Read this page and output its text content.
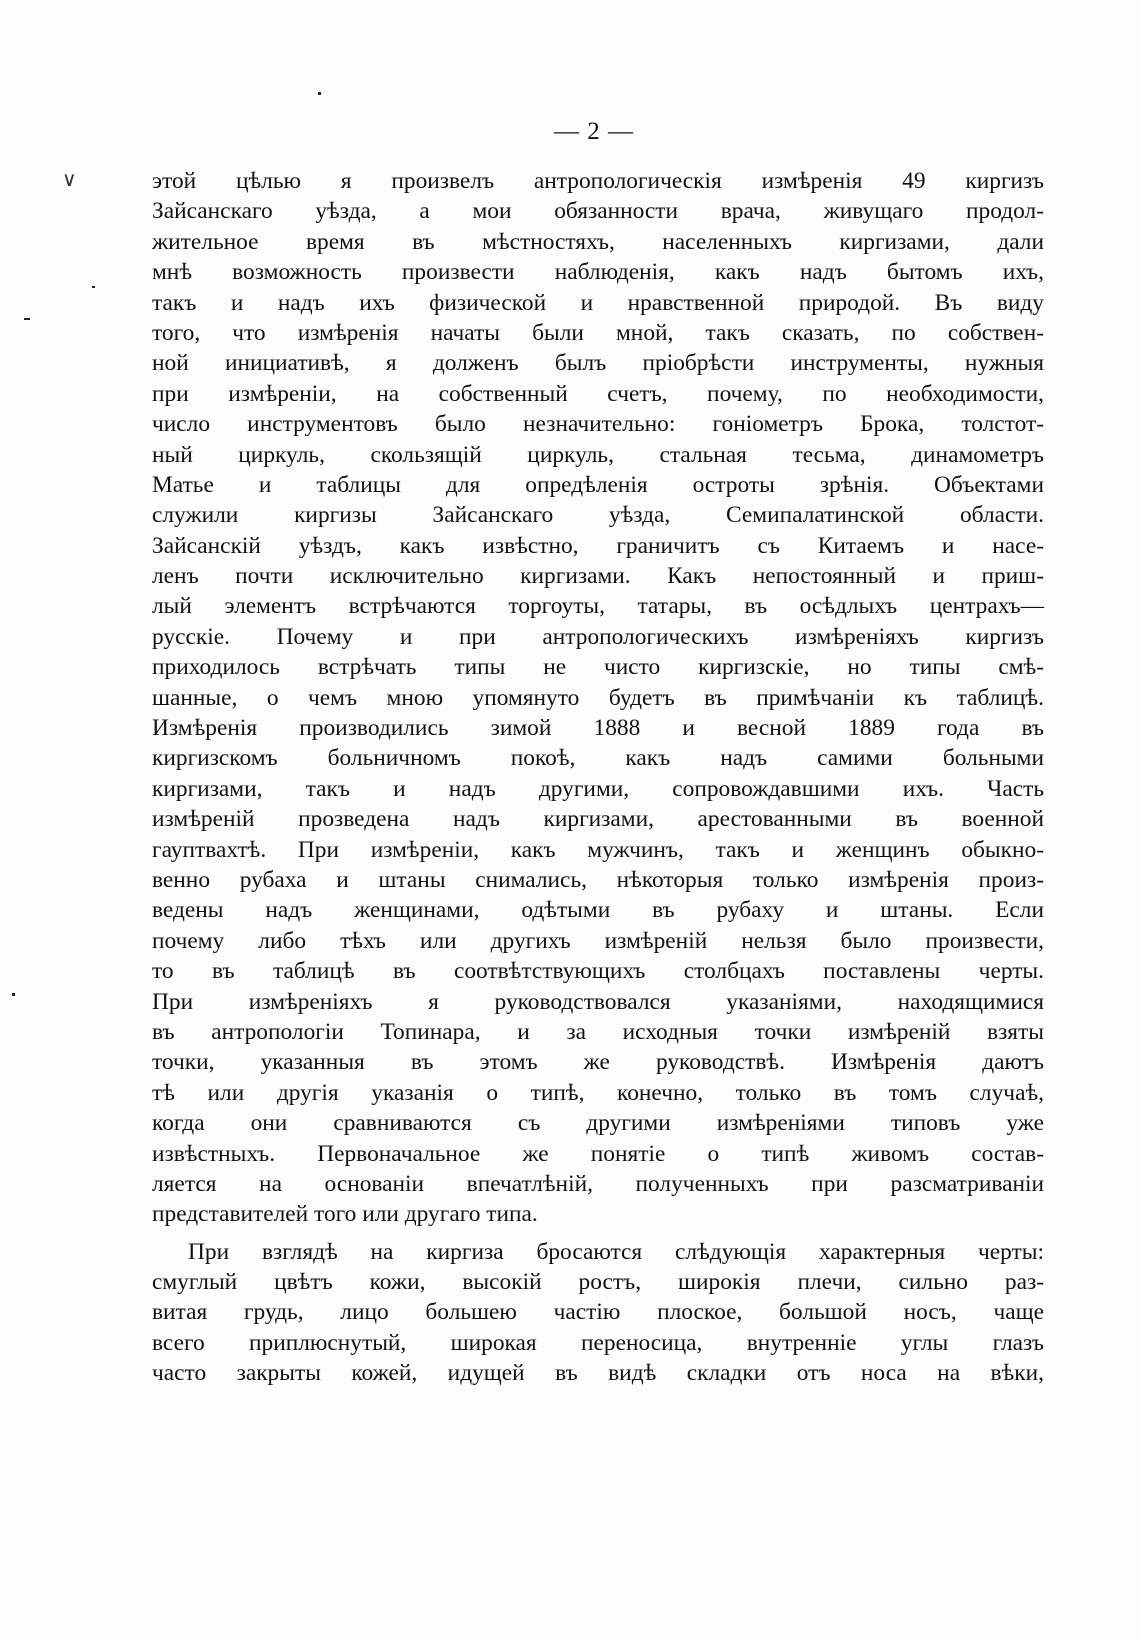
∨
— 2 —
этой цѣлью я произвелъ антропологическія измѣренія 49 киргизъ
Зайсанскаго уѣзда, а мои обязанности врача, живущаго продол-
жительное время въ мѣстностяхъ, населенныхъ киргизами, дали
мнѣ возможность произвести наблюденія, какъ надъ бытомъ ихъ,
такъ и надъ ихъ физической и нравственной природой. Въ виду
того, что измѣренія начаты были мной, такъ сказать, по собствен-
ной инициативѣ, я долженъ былъ пріобрѣсти инструменты, нужныя
при измѣреніи, на собственный счетъ, почему, по необходимости,
число инструментовъ было незначительно: гоніометръ Брока, толстот-
ный циркуль, скользящій циркуль, стальная тесьма, динамометръ
Матье и таблицы для опредѣленія остроты зрѣнія. Объектами
служили киргизы Зайсанскаго уѣзда, Семипалатинской области.
Зайсанскій уѣздъ, какъ извѣстно, граничитъ съ Китаемъ и насе-
ленъ почти исключительно киргизами. Какъ непостоянный и приш-
лый элементъ встрѣчаются торгоуты, татары, въ осѣдлыхъ центрахъ—
русскіе. Почему и при антропологическихъ измѣреніяхъ киргизъ
приходилось встрѣчать типы не чисто киргизскіе, но типы смѣ-
шанные, о чемъ мною упомянуто будетъ въ примѣчаніи къ таблицѣ.
Измѣренія производились зимой 1888 и весной 1889 года въ
киргизскомъ больничномъ покоѣ, какъ надъ самими больными
киргизами, такъ и надъ другими, сопровождавшими ихъ. Часть
измѣреній прозведена надъ киргизами, арестованными въ военной
гауптвахтѣ. При измѣреніи, какъ мужчинъ, такъ и женщинъ обыкно-
венно рубаха и штаны снимались, нѣкоторыя только измѣренія произ-
ведены надъ женщинами, одѣтыми въ рубаху и штаны. Если
почему либо тѣхъ или другихъ измѣреній нельзя было произвести,
то въ таблицѣ въ соотвѣтствующихъ столбцахъ поставлены черты.
При измѣреніяхъ я руководствовался указаніями, находящимися
въ антропологіи Топинара, и за исходныя точки измѣреній взяты
точки, указанныя въ этомъ же руководствѣ. Измѣренія даютъ
тѣ или другія указанія о типѣ, конечно, только въ томъ случаѣ,
когда они сравниваются съ другими измѣреніями типовъ уже
извѣстныхъ. Первоначальное же понятіе о типѣ живомъ состав-
ляется на основаніи впечатлѣній, полученныхъ при разсматриваніи
представителей того или другаго типа.
При взглядѣ на киргиза бросаются слѣдующія характерныя черты:
смуглый цвѣтъ кожи, высокій ростъ, широкія плечи, сильно раз-
витая грудь, лицо большею частію плоское, большой носъ, чаще
всего приплюснутый, широкая переносица, внутренніе углы глазъ
часто закрыты кожей, идущей въ видѣ складки отъ носа на вѣки,
